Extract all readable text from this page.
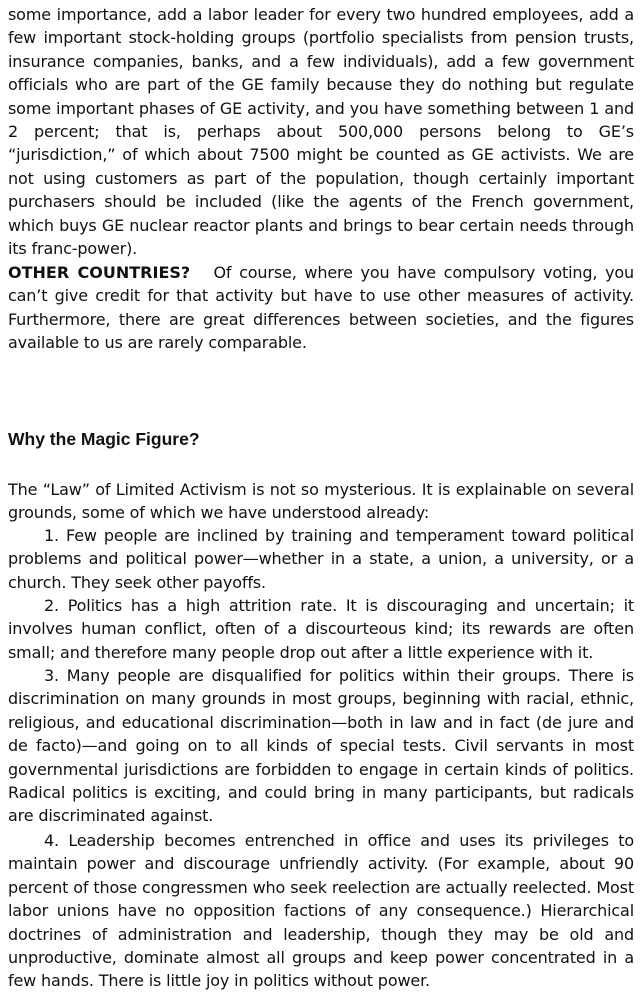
some importance, add a labor leader for every two hundred employees, add a few important stock-holding groups (portfolio specialists from pension trusts, insurance companies, banks, and a few individuals), add a few government officials who are part of the GE family because they do nothing but regulate some important phases of GE activity, and you have something between 1 and 2 percent; that is, perhaps about 500,000 persons belong to GE’s “jurisdiction,” of which about 7500 might be counted as GE activists. We are not using customers as part of the population, though certainly important purchasers should be included (like the agents of the French government, which buys GE nuclear reactor plants and brings to bear certain needs through its franc-power).

OTHER COUNTRIES? Of course, where you have compulsory voting, you can’t give credit for that activity but have to use other measures of activity. Furthermore, there are great differences between societies, and the figures available to us are rarely comparable.

Why the Magic Figure?

The “Law” of Limited Activism is not so mysterious. It is explainable on several grounds, some of which we have understood already:

1. Few people are inclined by training and temperament toward political problems and political power—whether in a state, a union, a university, or a church. They seek other payoffs.

2. Politics has a high attrition rate. It is discouraging and uncertain; it involves human conflict, often of a discourteous kind; its rewards are often small; and therefore many people drop out after a little experience with it.

3. Many people are disqualified for politics within their groups. There is discrimination on many grounds in most groups, beginning with racial, ethnic, religious, and educational discrimination—both in law and in fact (de jure and de facto)—and going on to all kinds of special tests. Civil servants in most governmental jurisdictions are forbidden to engage in certain kinds of politics. Radical politics is exciting, and could bring in many participants, but radicals are discriminated against.

4. Leadership becomes entrenched in office and uses its privileges to maintain power and discourage unfriendly activity. (For example, about 90 percent of those congressmen who seek reelection are actually reelected. Most labor unions have no opposition factions of any consequence.) Hierarchical doctrines of administration and leadership, though they may be old and unproductive, dominate almost all groups and keep power concentrated in a few hands. There is little joy in politics without power.
